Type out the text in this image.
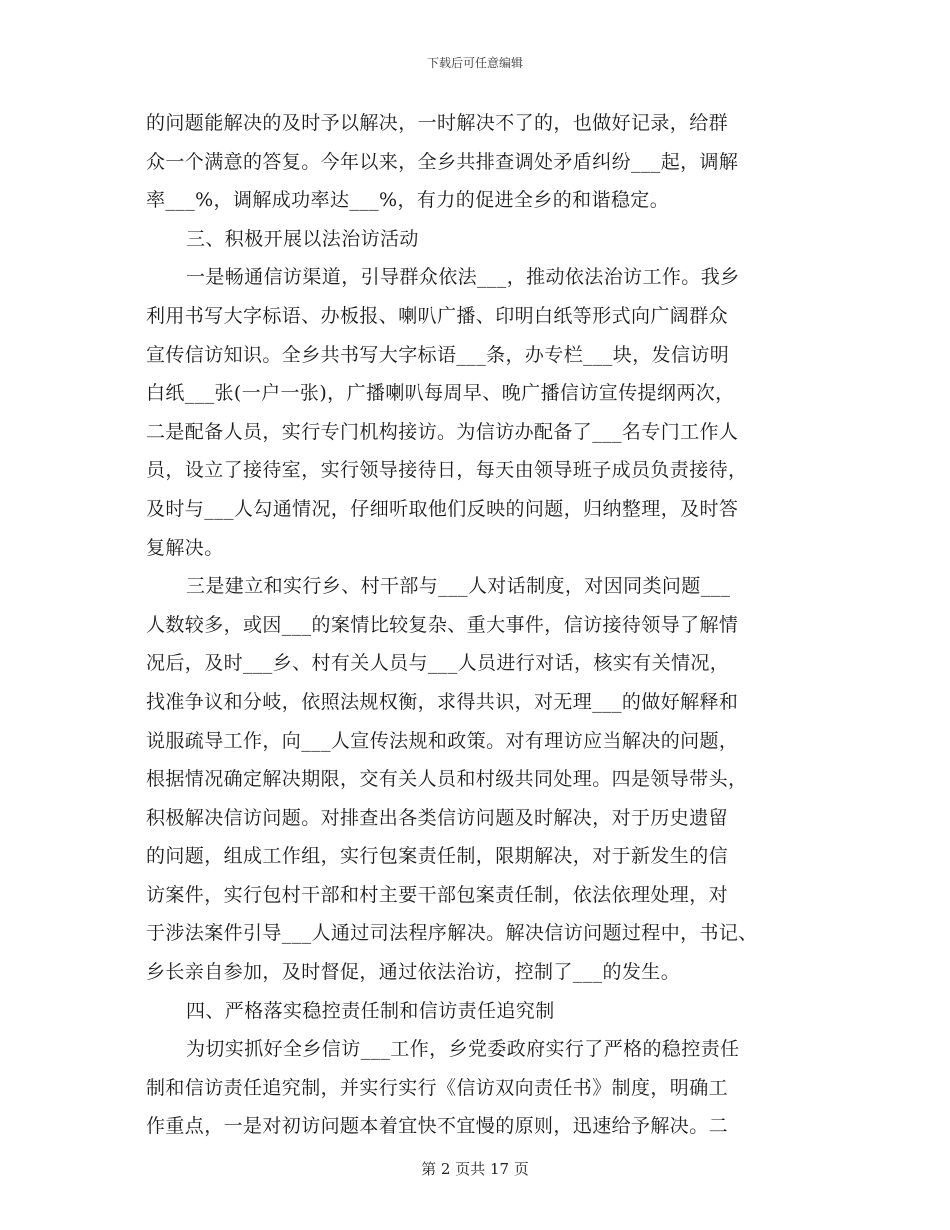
下载后可任意编辑
的问题能解决的及时予以解决，一时解决不了的，也做好记录，给群
众一个满意的答复。今年以来，全乡共排查调处矛盾纠纷___起，调解
率___%，调解成功率达___%，有力的促进全乡的和谐稳定。
三、积极开展以法治访活动
一是畅通信访渠道，引导群众依法___，推动依法治访工作。我乡
利用书写大字标语、办板报、喇叭广播、印明白纸等形式向广阔群众
宣传信访知识。全乡共书写大字标语___条，办专栏___块，发信访明
白纸___张(一户一张)，广播喇叭每周早、晚广播信访宣传提纲两次，
二是配备人员，实行专门机构接访。为信访办配备了___名专门工作人
员，设立了接待室，实行领导接待日，每天由领导班子成员负责接待，
及时与___人勾通情况，仔细听取他们反映的问题，归纳整理，及时答
复解决。
三是建立和实行乡、村干部与___人对话制度，对因同类问题___
人数较多，或因___的案情比较复杂、重大事件，信访接待领导了解情
况后，及时___乡、村有关人员与___人员进行对话，核实有关情况，
找准争议和分岐，依照法规权衡，求得共识，对无理___的做好解释和
说服疏导工作，向___人宣传法规和政策。对有理访应当解决的问题，
根据情况确定解决期限，交有关人员和村级共同处理。四是领导带头，
积极解决信访问题。对排查出各类信访问题及时解决，对于历史遗留
的问题，组成工作组，实行包案责任制，限期解决，对于新发生的信
访案件，实行包村干部和村主要干部包案责任制，依法依理处理，对
于涉法案件引导___人通过司法程序解决。解决信访问题过程中，书记、
乡长亲自参加，及时督促，通过依法治访，控制了___的发生。
四、严格落实稳控责任制和信访责任追究制
为切实抓好全乡信访___工作，乡党委政府实行了严格的稳控责任
制和信访责任追究制，并实行实行《信访双向责任书》制度，明确工
作重点，一是对初访问题本着宜快不宜慢的原则，迅速给予解决。二
第 2 页共 17 页
